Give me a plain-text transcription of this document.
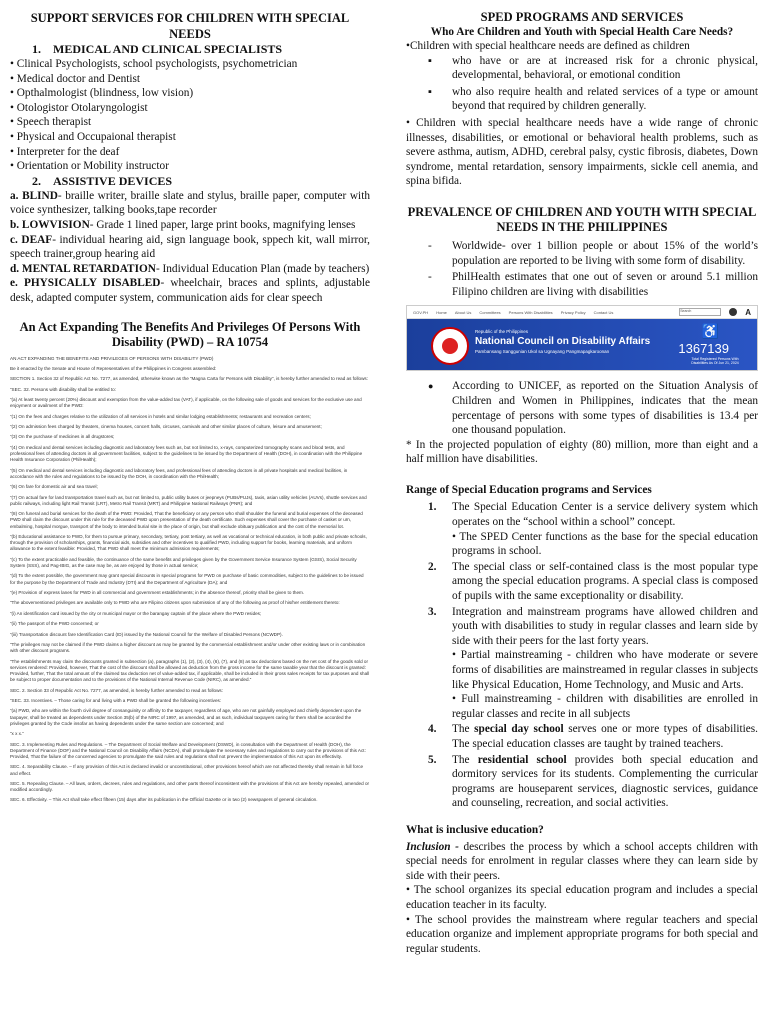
SUPPORT SERVICES FOR CHILDREN WITH SPECIAL NEEDS
1. MEDICAL AND CLINICAL SPECIALISTS
• Clinical Psychologists, school psychologists, psychometrician
• Medical doctor and Dentist
• Opthalmologist (blindness, low vision)
• Otologistor Otolaryngologist
• Speech therapist
• Physical and Occupaional therapist
• Interpreter for the deaf
• Orientation or Mobility instructor
2. ASSISTIVE DEVICES
a. BLIND- braille writer, braille slate and stylus, braille paper, computer with voice synthesizer, talking books,tape recorder
b. LOWVISION- Grade 1 lined paper, large print books, magnifying lenses
c. DEAF- individual hearing aid, sign language book, sppech kit, wall mirror, speech trainer,group hearing aid
d. MENTAL RETARDATION- Individual Education Plan (made by teachers)
e. PHYSICALLY DISABLED- wheelchair, braces and splints, adjustable desk, adapted computer system, communication aids for clear speech
An Act Expanding The Benefits And Privileges Of Persons With Disability (PWD) – RA 10754

AN ACT EXPANDING THE BENEFITS AND PRIVILEGES OF PERSONS WITH DISABILITY (PWD)

Be it enacted by the Senate and House of Representatives of the Philippines in Congress assembled:

SECTION 1. Section 32 of Republic Act No. 7277, as amended, otherwise known as the “Magna Carta for Persons with Disability”, is hereby further amended to read as follows:

“SEC. 32. Persons with disability shall be entitled to:

“(a) At least twenty percent (20%) discount and exemption from the value-added tax (VAT), if applicable, on the following sale of goods and services for the exclusive use and enjoyment or availment of the PWD:

“(1) On the fees and charges relative to the utilization of all services in hotels and similar lodging establishments; restaurants and recreation centers;

“(2) On admission fees charged by theaters, cinema houses, concert halls, circuses, carnivals and other similar places of culture, leisure and amusement;

“(3) On the purchase of medicines in all drugstores;

“(4) On medical and dental services including diagnostic and laboratory fees such as, but not limited to, x-rays, computerized tomography scans and blood tests, and professional fees of attending doctors in all government facilities, subject to the guidelines to be issued by the Department of Health (DOH), in coordination with the Philippine Health Insurance Corporation (PhilHealth);

“(5) On medical and dental services including diagnostic and laboratory fees, and professional fees of attending doctors in all private hospitals and medical facilities, in accordance with the rules and regulations to be issued by the DOH, in coordination with the PhilHealth;

“(6) On fare for domestic air and sea travel;

“(7) On actual fare for land transportation travel such as, but not limited to, public utility buses or jeepneys (PUBs/PUJs), taxis, asian utility vehicles (AUVs), shuttle services and public railways, including light Rail Transit (LRT), Metro Rail Transit (MRT) and Philippine National Railways (PNR); and

“(8) On funeral and burial services for the death of the PWD: Provided, That the beneficiary or any person who shall shoulder the funeral and burial expenses of the deceased PWD shall claim the discount under this rule for the deceased PWD upon presentation of the death certificate. Such expenses shall cover the purchase of casket or urn, embalming, hospital morgue, transport of the body to intended burial site in the place of origin, but shall exclude obituary publication and the cost of the memorial lot.

“(b) Educational assistance to PWD, for them to pursue primary, secondary, tertiary, post tertiary, as well as vocational or technical education, in both public and private schools, through the provision of scholarships, grants, financial aids, subsidies and other incentives to qualified PWD, including support for books, learning materials, and uniform allowance to the extent feasible: Provided, That PWD shall meet the minimum admission requirements;

“(c) To the extent practicable and feasible, the continuance of the same benefits and privileges given by the Government Service Insurance System (GSIS), Social Security System (SSS), and Pag-IBIG, as the case may be, as are enjoyed by those in actual service;

“(d) To the extent possible, the government may grant special discounts in special programs for PWD on purchase of basic commodities, subject to the guidelines to be issued for the purpose by the Department of Trade and Industry (DTI) and the Department of Agriculture (DA); and

“(e) Provision of express lanes for PWD in all commercial and government establishments; in the absence thereof, priority shall be given to them.

“The abovementioned privileges are available only to PWD who are Filipino citizens upon submission of any of the following as proof of his/her entitlement thereto:

“(i) An identification card issued by the city or municipal mayor or the barangay captain of the place where the PWD resides;

“(ii) The passport of the PWD concerned; or

“(iii) Transportation discount fare Identification Card (ID) issued by the National Council for the Welfare of Disabled Persons (NCWDP).

“The privileges may not be claimed if the PWD claims a higher discount as may be granted by the commercial establishment and/or under other existing laws or in combination with other discount programs.

“The establishments may claim the discounts granted in subsection (a), paragraphs (1), (2), (3), (4), (6), (7), and (8) as tax deductions based on the net cost of the goods sold or services rendered: Provided, however, That the cost of the discount shall be allowed as deduction from the gross income for the same taxable year that the discount is granted: Provided, further, That the total amount of the claimed tax deduction net of value-added tax, if applicable, shall be included in their gross sales receipts for tax purposes and shall be subject to proper documentation and to the provisions of the National Internal Revenue Code (NIRC), as amended.”

SEC. 2. Section 33 of Republic Act No. 7277, as amended, is hereby further amended to read as follows:

“SEC. 33. Incentives. – Those caring for and living with a PWD shall be granted the following incentives:

“(a) PWD, who are within the fourth civil degree of consanguinity or affinity to the taxpayer, regardless of age, who are not gainfully employed and chiefly dependent upon the taxpayer, shall be treated as dependents under Section 35(b) of the NIRC of 1997, as amended, and as such, individual taxpayers caring for them shall be accorded the privileges granted by the Code insofar as having dependents under the same section are concerned; and

“x x x.”

SEC. 3. Implementing Rules and Regulations. – The Department of Social Welfare and Development (DSWD), in consultation with the Department of Health (DOH), the Department of Finance (DOF) and the National Council on Disability Affairs (NCDA), shall promulgate the necessary rules and regulations to carry out the provisions of this Act: Provided, That the failure of the concerned agencies to promulgate the said rules and regulations shall not prevent the implementation of this Act upon its effectivity.

SEC. 4. Separability Clause. – If any provision of this Act is declared invalid or unconstitutional, other provisions hereof which are not affected thereby shall remain in full force and effect.

SEC. 5. Repealing Clause. – All laws, orders, decrees, rules and regulations, and other parts thereof inconsistent with the provisions of this Act are hereby repealed, amended or modified accordingly.

SEC. 6. Effectivity. – This Act shall take effect fifteen (15) days after its publication in the Official Gazette or in two (2) newspapers of general circulation.

SPED PROGRAMS AND SERVICES
Who Are Children and Youth with Special Health Care Needs?
•Children with special healthcare needs are defined as children
▪ who have or are at increased risk for a chronic physical, developmental, behavioral, or emotional condition
▪ who also require health and related services of a type or amount beyond that required by children generally.
• Children with special healthcare needs have a wide range of chronic illnesses, disabilities, or emotional or behavioral health problems, such as severe asthma, autism, ADHD, cerebral palsy, cystic fibrosis, diabetes, Down syndrome, mental retardation, sensory impairments, sickle cell anemia, and spina bifida.
PREVALENCE OF CHILDREN AND YOUTH WITH SPECIAL NEEDS IN THE PHILIPPINES
- Worldwide- over 1 billion people or about 15% of the world’s population are reported to be living with some form of disability.
- PhilHealth estimates that one out of seven or around 5.1 million Filipino children are living with disabilities
GOV.PH Home About Us Committees Persons With Disabilities Privacy Policy Contact Us	Search	A
Republic of the Philippines
National Council on Disability Affairs
Pambansang Sanggunian Ukol sa Ugnayang Pangmapagkaroonan
♿
1367139
Total Registered Persons With Disabilities As Of Jun 21, 2024
● According to UNICEF, as reported on the Situation Analysis of Children and Women in Philippines, indicates that the mean percentage of persons with some types of disabilities is 13.4 per one thousand population.
* In the projected population of eighty (80) million, more than eight and a half million have disabilities.
Range of Special Education programs and Services
1. The Special Education Center is a service delivery system which operates on the “school within a school” concept.
• The SPED Center functions as the base for the special education programs in school.
2. The special class or self-contained class is the most popular type among the special education programs. A special class is composed of pupils with the same exceptionality or disability.
3. Integration and mainstream programs have allowed children and youth with disabilities to study in regular classes and learn side by side with their peers for the last forty years.
• Partial mainstreaming - children who have moderate or severe forms of disabilities are mainstreamed in regular classes in subjects like Physical Education, Home Technology, and Music and Arts.
• Full mainstreaming - children with disabilities are enrolled in regular classes and recite in all subjects
4. The special day school serves one or more types of disabilities. The special education classes are taught by trained teachers.
5. The residential school provides both special education and dormitory services for its students. Complementing the curricular programs are houseparent services, diagnostic services, guidance and counseling, recreation, and social activities.
What is inclusive education?
Inclusion - describes the process by which a school accepts children with special needs for enrolment in regular classes where they can learn side by side with their peers.
• The school organizes its special education program and includes a special education teacher in its faculty.
• The school provides the mainstream where regular teachers and special education organize and implement appropriate programs for both special and regular students.
